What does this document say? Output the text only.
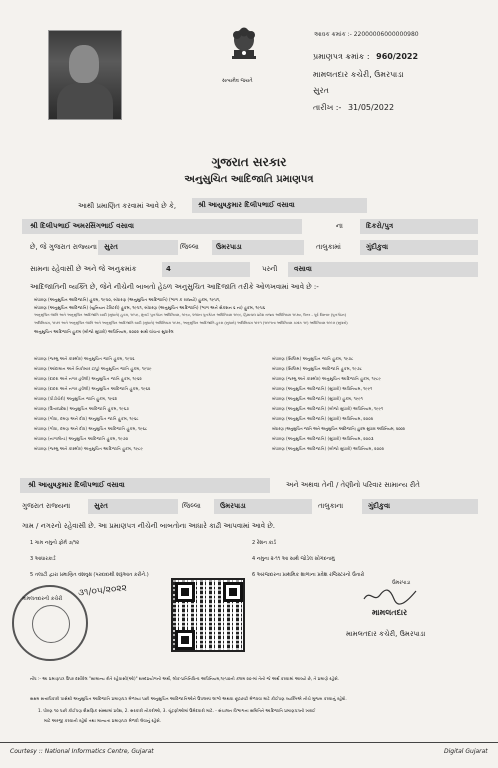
સત્યમેવ જયતે
આવક ક્રમાંક :- 22000006000000980
પ્રમાણપત્ર ક્રમાંક : 960/2022
મામલતદાર કચેરી, ઉમરપાડા
સુરત
તારીખ :- 31/05/2022
ગુજરાત સરકાર
અનુસુચિત આદિજાતિ પ્રમાણપત્ર
આથી પ્રમાણિત કરવામાં આવે છે કે,	શ્રી આયુષકુમાર દિલીપભાઈ વસાવા
શ્રી દિલીપભાઈ અમરસિંગભાઈ વસાવા	ના	દિકરો/પુત્ર
છે, જે ગુજરાત રાજ્યના સુરત	જિલ્લા ઉમરપાડા	તાલુકામાં	ગુંદીકુવા
સામના રહેવાસી છે અને જે અનુક્રમાંક	4	પરની વસાવા
આદિજાતિની વ્યક્તિ છે, જેને નીચેની બાબતો હેઠળ અનુસુચિત આદિજાતિ તરીકે ઓળખવામાં આવે છે :-
બંધારણ (અનુસુચિત આદિજાતિ) હુકમ, ૧૯૫૦, બંધારણ (અનુસુચિત આદિજાતિ) (ભાગ ક રાજ્યો) હુકમ, ૧૯૫૧,
બંધારણ (અનુસુચિત આદિજાતિ) (યુનિયન ટેરિટરી) હુકમ, ૧૯૫૧, બંધારણ (અનુસુચિત આદિજાતિ) (ભાગ અને સેકશન ૬ ના) હુકમ, ૧૯૫૬
અનુસુચિત જાતિ અને અનુસુચિત આદિજાતિ યાદી (સુધારો) હુકમ, ૧૯૫૬, મુંબઈ પુનર્ગઠન અધિનિયમ, ૧૯૬૦, પંજાબ પુનર્ગઠન અધિનિયમ ૧૯૬૬, હિમાચલ પ્રદેશ રાજ્ય અધિનિયમ ૧૯૭૦, ઉત્તર - પૂર્વ વિસ્તાર (પુનર્ગઠન)
અધિનિયમ, ૧૯૭૧ અને અનુસુચિત જાતિ અને અનુસુચિત આદિજાતિ યાદી (સુધારો) અધિનિયમ ૧૯૭૬, અનુસુચિત આદિજાતિ હુકમ (સુધારો) અધિનિયમ ૧૯૯૧ (૧૯૯૧ના અધિનિયમ ક્રમાંક ૧૯) અધિનિયમ ૧૯૯૭ (સુધારો)
અનુસુચિત આદિજાતિ હુકમ (બીજો સુધારો) અધિનિયમ, ૨૦૦૨ સાથે વાંચતા સુધારેલ
બંધારણ (જમ્મુ અને કાશ્મીર) અનુસુચિત જાતિ હુકમ, ૧૯૫૬
બંધારણ (આંદામાન અને નિકોબાર ટાપુ) અનુસુચિત જાતિ હુકમ, ૧૯૫૯
બંધારણ (દાદરા અને નગર હવેલી) અનુસુચિત જાતિ હુકમ, ૧૯૬૨
બંધારણ (દાદરા અને નગર હવેલી) અનુસુચિત આદિજાતિ હુકમ, ૧૯૬૨
બંધારણ (પોંડીચેરી) અનુસુચિત જાતિ હુકમ, ૧૯૬૪
બંધારણ (ઉત્તરપ્રદેશ) અનુસુચિત આદિજાતિ હુકમ, ૧૯૬૭
બંધારણ (ગોવા, દમણ અને દીવ) અનુસુચિત જાતિ હુકમ, ૧૯૬૮
બંધારણ (ગોવા, દમણ અને દીવ) અનુસુચિત આદિજાતિ હુકમ, ૧૯૬૮
બંધારણ (નાગાલેન્ડ) અનુસુચિત આદિજાતિ હુકમ, ૧૯૭૦
બંધારણ (જમ્મુ અને કાશ્મીર) અનુસુચિત આદિજાતિ હુકમ, ૧૯૮૯
બંધારણ (સિક્કિમ) અનુસુચિત જાતિ હુકમ, ૧૯૭૮
બંધારણ (સિક્કિમ) અનુસુચિત આદિજાતિ હુકમ, ૧૯૭૮
બંધારણ (જમ્મુ અને કાશ્મીર) અનુસુચિત આદિજાતિ હુકમ, ૧૯૮૯
બંધારણ (અનુસુચિત આદિજાતિ) (સુધારો) અધિનિયમ, ૧૯૯૧
બંધારણ (અનુસુચિત આદિજાતિ) (સુધારો) હુકમ, ૧૯૯૧
બંધારણ (અનુસુચિત આદિજાતિ) (બીજો સુધારો) અધિનિયમ, ૧૯૯૧
બંધારણ (અનુસુચિત આદિજાતિ) (સુધારો) અધિનિયમ, ૨૦૦૨
બંધારણ (અનુસુચિત જાતિ અને અનુસુચિત આદિજાતિ) હુકમ સુધારા અધિનિયમ, ૨૦૦૨
બંધારણ (અનુસુચિત આદિજાતિ) (સુધારો) અધિનિયમ, ૨૦૦૩
બંધારણ (અનુસુચિત આદિજાતિ) (બીજો સુધારો) અધિનિયમ, ૨૦૦૨
શ્રી આયુષકુમાર દિલીપભાઈ વસાવા	અને અથવા તેની / તેણીનો પરિવાર સામાન્ય રીતે
ગુજરાત રાજ્યના	સુરત	જિલ્લા	ઉમરપાડા	તાલુકાના	ગુંદીકુવા
ગામ / નગરનો રહેવાસી છે. આ પ્રમાણપત્ર નીચેની બાબતોના આધારે કાઢી આપવામાં આવે છે.
1 ગામ નમુનો ફોર્મ ૭/૧૨
3 આધારકાર્ડ
5 તલાટી દ્વારા પ્રમાણિત વંશવૃક્ષ (પરદાદાથી શરૂઆત કરીને.)
2 રેશન કાર્ડ
4 નમુના ૨-૧૧ આ સાથે જોડેલ સોગંદનામું
6 અરજદારના પ્રાથમિક શાળાના પ્રવેશ રજિસ્ટરનો ઉતારો
મામલતદારની કચેરી
૩૧/૦૫/૨૦૨૨
ઉમરપાડા
મામલતદાર
મામલતદાર કચેરી, ઉમરપાડા
નોંધ :- આ પ્રમાણપત્ર ઉપર દર્શાવેલ "સામાન્ય રીતે રહેવાસી(ઓ)" શબ્દપ્રયોગનો અર્થ, લોક-પ્રતિનિધિત્વ અધિનિયમ,૧૯૫૦ની કલમ ૨૦-માં તેનો જે અર્થ કરવામાં આવ્યો છે, તે પ્રમાણે રહેશે.
સક્ષમ સત્તાધિકારી પાસેથી અનુસુચિત આદિજાતિ પ્રમાણપત્ર મેળવ્યા પછી અનુસુચિત આદિજાતિઓને ઉપલબ્ધ લાભો અથવા છૂટછાટો મેળવવા માટે કોઈપણ વ્યક્તિએ નીચે મુજબ કરવાનું રહેશે.
1. ધોરણ ૧૦ પછી કોઈપણ શૈક્ષણિક સંસ્થામાં પ્રવેશ, 2. સરકારી નોકરીઓ, 3. ચૂંટણીઓમાં ઉમેદવારી માટે. - સંચાલન વિભાગના સમિતિને આદિજાતિ પ્રમાણપત્રની ખરાઈ
માટે અરજી કરવાની રહેશે તથા માન્યતા પ્રમાણપત્ર મેળવી લેવાનું રહેશે.
Courtesy :: National Informatics Centre, Gujarat	Digital Gujarat
